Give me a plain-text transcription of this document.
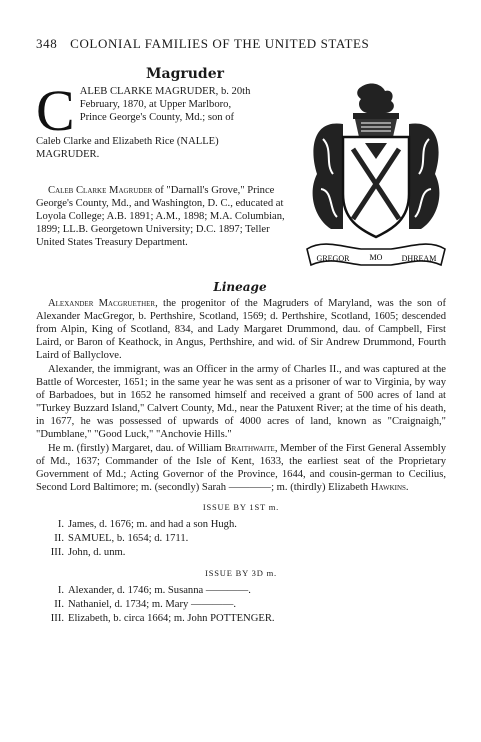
348 COLONIAL FAMILIES OF THE UNITED STATES
Magruder
C ALEB CLARKE MAGRUDER, b. 20th
February, 1870, at Upper Marlboro,
Prince George's County, Md.; son of
Caleb Clarke and Elizabeth Rice (NALLE)
MAGRUDER.

Caleb Clarke Magruder of "Darnall's Grove," Prince George's County, Md., and Washington, D. C., educated at Loyola College; A.B. 1891; A.M., 1898; M.A. Columbian, 1899; LL.B. Georgetown University; D.C. 1897; Teller United States Treasury Department.

GREGOR	MO DHREAM
Lineage

Alexander Macgruether, the progenitor of the Magruders of Maryland, was the son of Alexander MacGregor, b. Perthshire, Scotland, 1569; d. Perthshire, Scotland, 1605; descended from Alpin, King of Scotland, 834, and Lady Margaret Drummond, dau. of Campbell, First Laird, or Baron of Keathock, in Angus, Perthshire, and wid. of Sir Andrew Drummond, Fourth Laird of Ballyclove.

Alexander, the immigrant, was an Officer in the army of Charles II., and was captured at the Battle of Worcester, 1651; in the same year he was sent as a prisoner of war to Virginia, by way of Barbadoes, but in 1652 he ransomed himself and received a grant of 500 acres of land at "Turkey Buzzard Island," Calvert County, Md., near the Patuxent River; at the time of his death, in 1677, he was possessed of upwards of 4000 acres of land, known as "Craignaigh," "Dumblane," "Good Luck," "Anchovie Hills."

He m. (firstly) Margaret, dau. of William Braithwaite, Member of the First General Assembly of Md., 1637; Commander of the Isle of Kent, 1633, the earliest seat of the Proprietary Government of Md.; Acting Governor of the Province, 1644, and cousin-german to Cecilius, Second Lord Baltimore; m. (secondly) Sarah ————; m. (thirdly) Elizabeth Hawkins.

ISSUE BY 1ST m.
I. James, d. 1676; m. and had a son Hugh.
II. SAMUEL, b. 1654; d. 1711.
III. John, d. unm.
ISSUE BY 3D m.
I. Alexander, d. 1746; m. Susanna ————.
II. Nathaniel, d. 1734; m. Mary ————.
III. Elizabeth, b. circa 1664; m. John POTTENGER.
